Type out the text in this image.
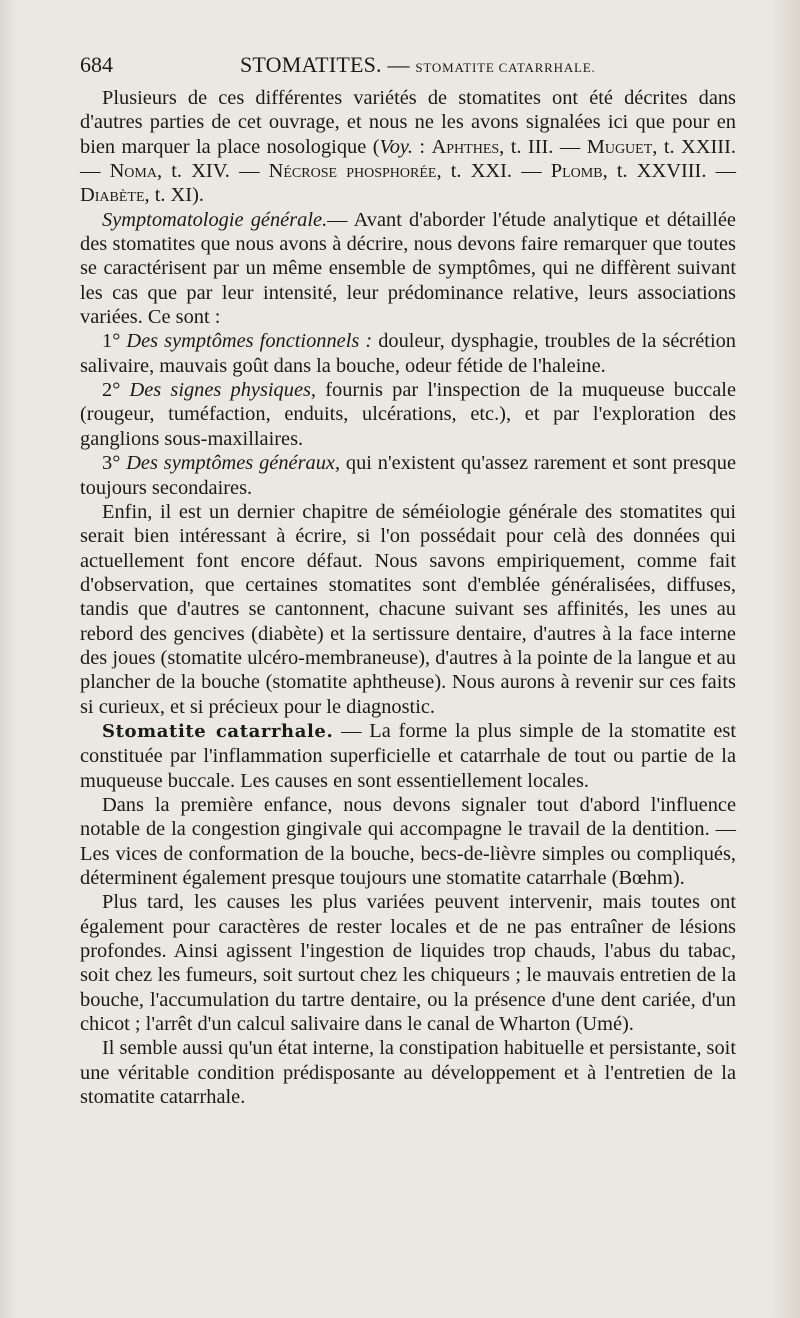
684	STOMATITES. — STOMATITE CATARRHALE.

Plusieurs de ces différentes variétés de stomatites ont été décrites dans d'autres parties de cet ouvrage, et nous ne les avons signalées ici que pour en bien marquer la place nosologique (Voy. : Aphthes, t. III. — Muguet, t. XXIII. — Noma, t. XIV. — Nécrose phosphorée, t. XXI. — Plomb, t. XXVIII. — Diabète, t. XI).

Symptomatologie générale.— Avant d'aborder l'étude analytique et détaillée des stomatites que nous avons à décrire, nous devons faire remarquer que toutes se caractérisent par un même ensemble de symptômes, qui ne diffèrent suivant les cas que par leur intensité, leur prédominance relative, leurs associations variées. Ce sont :

1° Des symptômes fonctionnels : douleur, dysphagie, troubles de la sécrétion salivaire, mauvais goût dans la bouche, odeur fétide de l'haleine.

2° Des signes physiques, fournis par l'inspection de la muqueuse buccale (rougeur, tuméfaction, enduits, ulcérations, etc.), et par l'exploration des ganglions sous-maxillaires.

3° Des symptômes généraux, qui n'existent qu'assez rarement et sont presque toujours secondaires.

Enfin, il est un dernier chapitre de séméiologie générale des stomatites qui serait bien intéressant à écrire, si l'on possédait pour celà des données qui actuellement font encore défaut. Nous savons empiriquement, comme fait d'observation, que certaines stomatites sont d'emblée généralisées, diffuses, tandis que d'autres se cantonnent, chacune suivant ses affinités, les unes au rebord des gencives (diabète) et la sertissure dentaire, d'autres à la face interne des joues (stomatite ulcéro-membraneuse), d'autres à la pointe de la langue et au plancher de la bouche (stomatite aphtheuse). Nous aurons à revenir sur ces faits si curieux, et si précieux pour le diagnostic.

Stomatite catarrhale. — La forme la plus simple de la stomatite est constituée par l'inflammation superficielle et catarrhale de tout ou partie de la muqueuse buccale. Les causes en sont essentiellement locales.

Dans la première enfance, nous devons signaler tout d'abord l'influence notable de la congestion gingivale qui accompagne le travail de la dentition. — Les vices de conformation de la bouche, becs-de-lièvre simples ou compliqués, déterminent également presque toujours une stomatite catarrhale (Bœhm).

Plus tard, les causes les plus variées peuvent intervenir, mais toutes ont également pour caractères de rester locales et de ne pas entraîner de lésions profondes. Ainsi agissent l'ingestion de liquides trop chauds, l'abus du tabac, soit chez les fumeurs, soit surtout chez les chiqueurs ; le mauvais entretien de la bouche, l'accumulation du tartre dentaire, ou la présence d'une dent cariée, d'un chicot ; l'arrêt d'un calcul salivaire dans le canal de Wharton (Umé).

Il semble aussi qu'un état interne, la constipation habituelle et persistante, soit une véritable condition prédisposante au développement et à l'entretien de la stomatite catarrhale.
